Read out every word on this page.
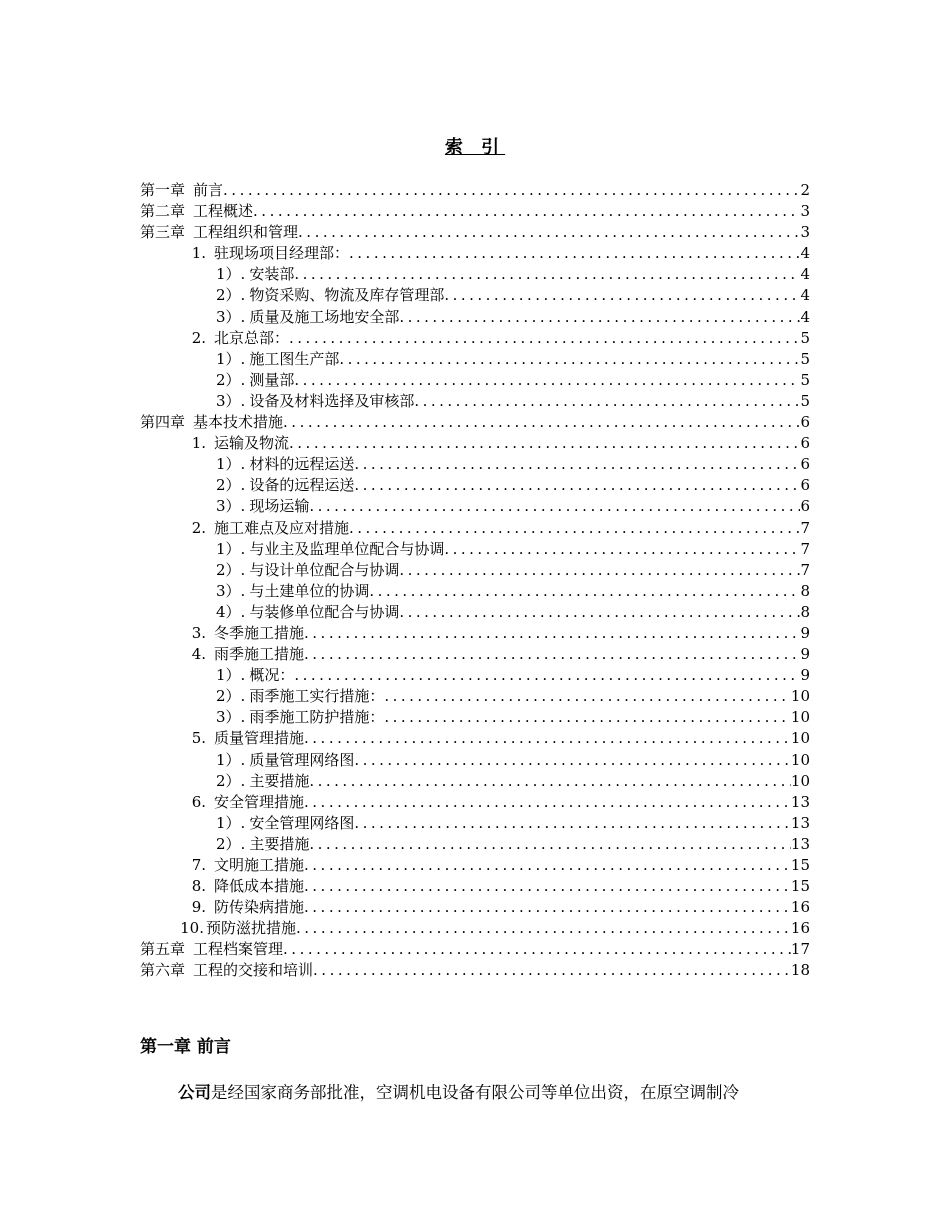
索 引
第一章 前言 .....	2
第二章 工程概述 .....	3
第三章 工程组织和管理 .....	3
1. 驻现场项目经理部： .....	4
1）. 安装部 .....	4
2）. 物资采购、物流及库存管理部 .....	4
3）. 质量及施工场地安全部 .....	4
2. 北京总部： .....	5
1）. 施工图生产部 .....	5
2）. 测量部 .....	5
3）. 设备及材料选择及审核部 .....	5
第四章 基本技术措施 .....	6
1. 运输及物流 .....	6
1）. 材料的远程运送 .....	6
2）. 设备的远程运送 .....	6
3）. 现场运输 .....	6
2. 施工难点及应对措施 .....	7
1）. 与业主及监理单位配合与协调 .....	7
2）. 与设计单位配合与协调 .....	7
3）. 与土建单位的协调 .....	8
4）. 与装修单位配合与协调 .....	8
3. 冬季施工措施 .....	9
4. 雨季施工措施 .....	9
1）. 概况： .....	9
2）. 雨季施工实行措施： .....	10
3）. 雨季施工防护措施： .....	10
5. 质量管理措施 .....	10
1）. 质量管理网络图 .....	10
2）. 主要措施 .....	10
6. 安全管理措施 .....	13
1）. 安全管理网络图 .....	13
2）. 主要措施 .....	13
7. 文明施工措施 .....	15
8. 降低成本措施 .....	15
9. 防传染病措施 .....	16
10. 预防滋扰措施 .....	16
第五章 工程档案管理 .....	17
第六章 工程的交接和培训 .....	18
第一章 前言
公司是经国家商务部批准，空调机电设备有限公司等单位出资，在原空调制冷
